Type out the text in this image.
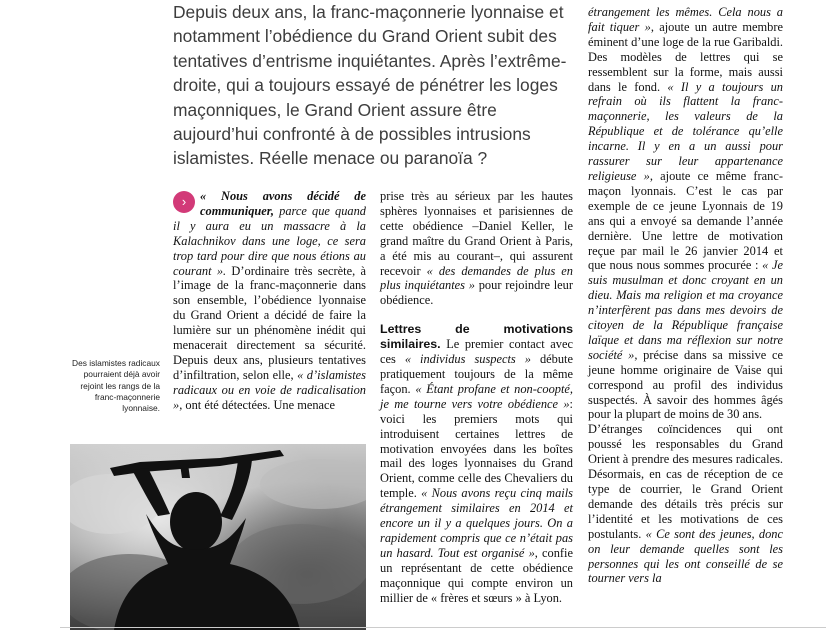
Depuis deux ans, la franc-maçonnerie lyonnaise et notamment l’obédience du Grand Orient subit des tentatives d’entrisme inquiétantes. Après l’extrême-droite, qui a toujours essayé de pénétrer les loges maçonniques, le Grand Orient assure être aujourd’hui confronté à de possibles intrusions islamistes. Réelle menace ou paranoïa ?

›	« Nous avons décidé de communiquer, parce que quand il y aura eu un massacre à la Kalachnikov dans une loge, ce sera trop tard pour dire que nous étions au courant ». D’ordinaire très secrète, à l’image de la franc-maçonnerie dans son ensemble, l’obédience lyonnaise du Grand Orient a décidé de faire la lumière sur un phénomène inédit qui menacerait directement sa sécurité. Depuis deux ans, plusieurs tentatives d’infiltration, selon elle, « d’islamistes radicaux ou en voie de radicalisation », ont été détectées. Une menace

Des islamistes radicaux pourraient déjà avoir rejoint les rangs de la franc-maçonnerie lyonnaise.

prise très au sérieux par les hautes sphères lyonnaises et parisiennes de cette obédience –Daniel Keller, le grand maître du Grand Orient à Paris, a été mis au courant–, qui assurent recevoir « des demandes de plus en plus inquiétantes » pour rejoindre leur obédience.

Lettres de motivations similaires. Le premier contact avec ces « individus suspects » débute pratiquement toujours de la même façon. « Étant profane et non-coopté, je me tourne vers votre obédience »: voici les premiers mots qui introduisent certaines lettres de motivation envoyées dans les boîtes mail des loges lyonnaises du Grand Orient, comme celle des Chevaliers du temple. « Nous avons reçu cinq mails étrangement similaires en 2014 et encore un il y a quelques jours. On a rapidement compris que ce n’était pas un hasard. Tout est organisé », confie un représentant de cette obédience maçonnique qui compte environ un millier de « frères et sœurs » à Lyon.

étrangement les mêmes. Cela nous a fait tiquer », ajoute un autre membre éminent d’une loge de la rue Garibaldi. Des modèles de lettres qui se ressemblent sur la forme, mais aussi dans le fond. « Il y a toujours un refrain où ils flattent la franc-maçonnerie, les valeurs de la République et de tolérance qu’elle incarne. Il y en a un aussi pour rassurer sur leur appartenance religieuse », ajoute ce même franc-maçon lyonnais. C’est le cas par exemple de ce jeune Lyonnais de 19 ans qui a envoyé sa demande l’année dernière. Une lettre de motivation reçue par mail le 26 janvier 2014 et que nous nous sommes procurée : « Je suis musulman et donc croyant en un dieu. Mais ma religion et ma croyance n’interfèrent pas dans mes devoirs de citoyen de la République française laïque et dans ma réflexion sur notre société », précise dans sa missive ce jeune homme originaire de Vaise qui correspond au profil des individus suspectés. À savoir des hommes âgés pour la plupart de moins de 30 ans.

D’étranges coïncidences qui ont poussé les responsables du Grand Orient à prendre des mesures radicales. Désormais, en cas de réception de ce type de courrier, le Grand Orient demande des détails très précis sur l’identité et les motivations de ces postulants. « Ce sont des jeunes, donc on leur demande quelles sont les personnes qui les ont conseillé de se tourner vers la
